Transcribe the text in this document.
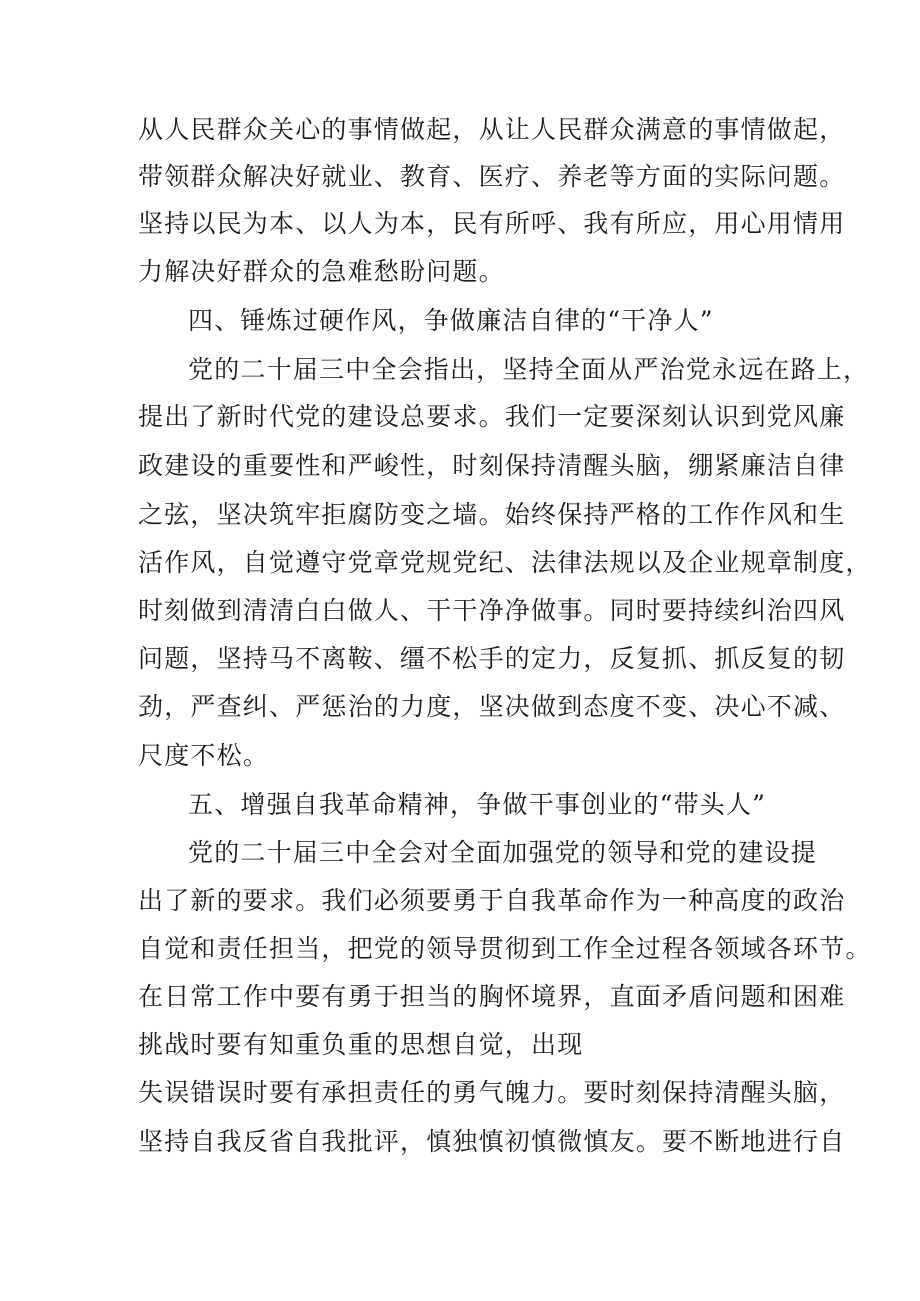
从人民群众关心的事情做起，从让人民群众满意的事情做起，
带领群众解决好就业、教育、医疗、养老等方面的实际问题。
坚持以民为本、以人为本，民有所呼、我有所应，用心用情用
力解决好群众的急难愁盼问题。
四、锤炼过硬作风，争做廉洁自律的“干净人”
党的二十届三中全会指出，坚持全面从严治党永远在路上，
提出了新时代党的建设总要求。我们一定要深刻认识到党风廉
政建设的重要性和严峻性，时刻保持清醒头脑，绷紧廉洁自律
之弦，坚决筑牢拒腐防变之墙。始终保持严格的工作作风和生
活作风，自觉遵守党章党规党纪、法律法规以及企业规章制度，
时刻做到清清白白做人、干干净净做事。同时要持续纠治四风
问题，坚持马不离鞍、缰不松手的定力，反复抓、抓反复的韧
劲，严查纠、严惩治的力度，坚决做到态度不变、决心不减、
尺度不松。
五、增强自我革命精神，争做干事创业的“带头人”
党的二十届三中全会对全面加强党的领导和党的建设提
出了新的要求。我们必须要勇于自我革命作为一种高度的政治
自觉和责任担当，把党的领导贯彻到工作全过程各领域各环节。
在日常工作中要有勇于担当的胸怀境界，直面矛盾问题和困难
挑战时要有知重负重的思想自觉，出现
失误错误时要有承担责任的勇气魄力。要时刻保持清醒头脑，
坚持自我反省自我批评，慎独慎初慎微慎友。要不断地进行自
